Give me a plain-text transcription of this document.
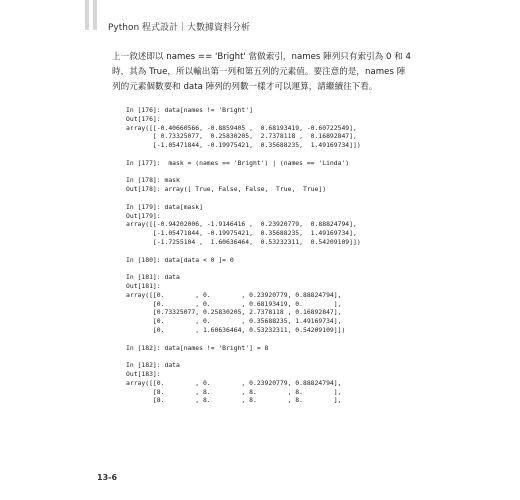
Python 程式設計｜大數據資料分析

上一敘述即以 names == 'Bright' 當做索引，names 陣列只有索引為 0 和 4

時，其為 True，所以輸出第一列和第五列的元素值。要注意的是，names 陣

列的元素個數要和 data 陣列的列數一樣才可以運算，請繼續往下看。

In [176]: data[names != 'Bright']
Out[176]:
array([[-0.40660566, -0.8859405 ,  0.68193419, -0.60722549],
[ 0.73325077,  0.25830205,  2.7378118 ,  0.16892847],
[-1.05471844, -0.19975421,  0.35688235,  1.49169734]])
In [177]:  mask = (names == 'Bright') | (names == 'Linda')
In [178]: mask
Out[178]: array([ True, False, False,  True,  True])
In [179]: data[mask]
Out[179]:
array([[-0.94202006, -1.9146416 ,  0.23920779,  0.88824794],
[-1.05471844, -0.19975421,  0.35688235,  1.49169734],
[-1.7255104 ,  1.60636464,  0.53232311,  0.54209109]])
In [180]: data[data < 0 ]= 0
In [181]: data
Out[181]:
array([[0.        , 0.        , 0.23920779, 0.88824794],
[0.        , 0.        , 0.68193419, 0.        ],
[0.73325077, 0.25830205, 2.7378118 , 0.16892847],
[0.        , 0.        , 0.35688235, 1.49169734],
[0.        , 1.60636464, 0.53232311, 0.54209109]])
In [182]: data[names != 'Bright'] = 8
In [182]: data
Out[183]:
array([[0.        , 0.        , 0.23920779, 0.88824794],
[8.        , 8.        , 8.        , 8.        ],
[8.        , 8.        , 8.        , 8.        ],
13-6
